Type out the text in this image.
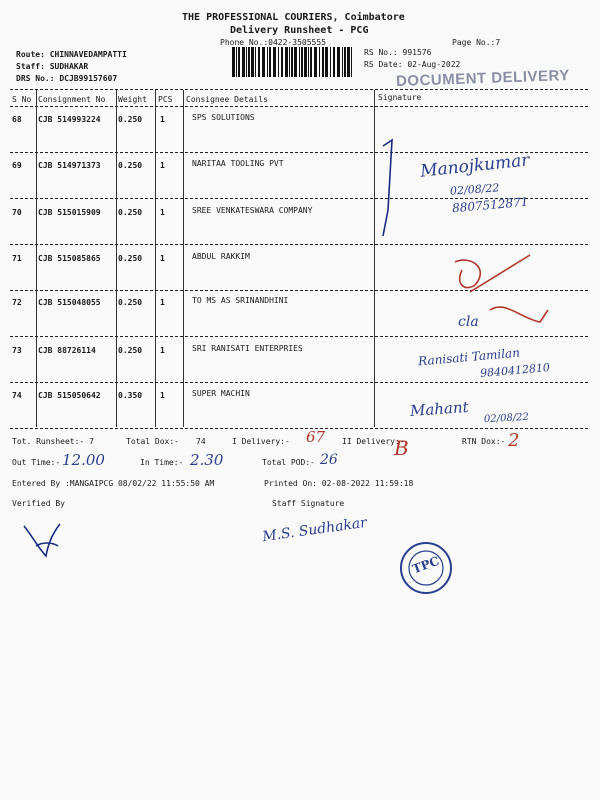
THE PROFESSIONAL COURIERS, Coimbatore
Delivery Runsheet - PCG
Phone No.:0422-3505555	Page No.:7
Route: CHINNAVEDAMPATTI
Staff: SUDHAKAR
DRS No.: DCJB99157607
RS No.: 991576
RS Date: 02-Aug-2022
DOCUMENT DELIVERY
S No Consignment No Weight PCS Consignee Details	Signature
68 CJB 514993224 0.250 1	SPS SOLUTIONS
69 CJB 514971373 0.250 1	NARITAA TOOLING PVT
70 CJB 515015909 0.250 1	SREE VENKATESWARA COMPANY
71 CJB 515085865 0.250 1	ABDUL RAKKIM
72 CJB 515048055 0.250 1	TO MS AS SRINANDHINI
73 CJB 88726114	0.250 1	SRI RANISATI ENTERPRIES
74 CJB 515050642 0.350 1	SUPER MACHIN
Manojkumar
02/08/22
8807512871
cla
Ranisati Tamilan
9840412810
Mahant 02/08/22
Tot. Runsheet:- 7	Total Dox:- 74	I Delivery:- 67 II Delivery:-
B	RTN Dox:- 2
Out Time:- 12.00	In Time:- 2.30	Total POD:- 26
Entered By :MANGAIPCG 08/02/22 11:55:50 AM	Printed On: 02-08-2022 11:59:18
Verified By	Staff Signature
M.S. Sudhakar
TPC
